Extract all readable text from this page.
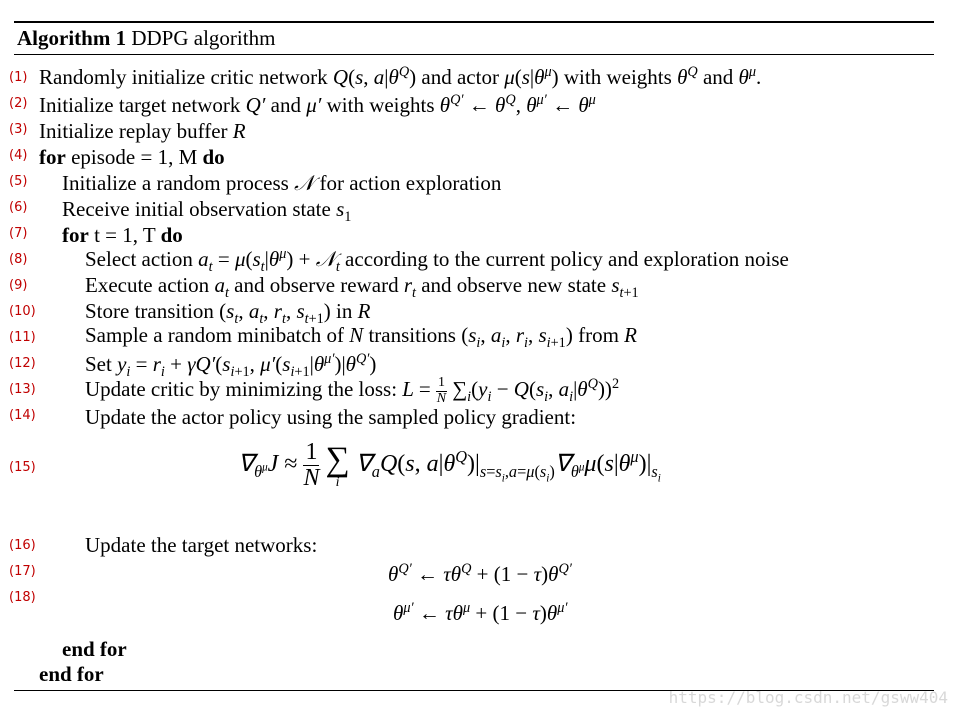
Algorithm 1 DDPG algorithm
(1)
(2)
(3)
(4)
(5)
(6)
(7)
(8)
(9)
(10)
(11)
(12)
(13)
(14)
(15)
(16)
(17)
(18)
Randomly initialize critic network Q(s, $a|\theta^Q$) and actor $\mu(s|\theta^\mu)$ with weights $\theta^Q$ and $\theta^\mu$.
Initialize target network Q′ and μ′ with weights $\theta^{Q'}$ ← $\theta^Q$, $\theta^{\mu'}$ ← $\theta^\mu$
Initialize replay buffer R
for episode = 1, M do
Initialize a random process 𝒩 for action exploration
Receive initial observation state $s_1$
for t = 1, T do
Select action $a_t = \mu(s_t|\theta^\mu)$ + 𝒩$_t$ according to the current policy and exploration noise
Execute action $a_t$ and observe reward $r_t$ and observe new state $s_{t+1}$
Store transition ($s_t$, $a_t$, $r_t$, $s_{t+1}$) in R
Sample a random minibatch of N transitions ($s_i$, $a_i$, $r_i$, $s_{i+1}$) from R
Set $y_i = r_i + \gamma Q'(s_{i+1}$, $\mu'(s_{i+1}|\theta^{\mu'})|\theta^{Q'}$)
Update critic by minimizing the loss: $L = \frac{1}{N} \sum_i(y_i - Q(s_i$, $a_i|\theta^Q))^2$
Update the actor policy using the sampled policy gradient:
$\nabla_{\theta^\mu}J \approx \frac{1}{N}$
∑
i
$\nabla_aQ(s$, $a|\theta^Q)|_{s=s_i,a=\mu(s_i)}\nabla_{\theta^\mu}\mu(s|\theta^\mu)|_{s_i}$
Update the target networks:
$\theta^{Q'}$ ← $\tau\theta^Q + (1 - \tau)\theta^{Q'}$
$\theta^{\mu'}$ ← $\tau\theta^\mu + (1 - \tau)\theta^{\mu'}$
end for
end for
https://blog.csdn.net/gsww404
